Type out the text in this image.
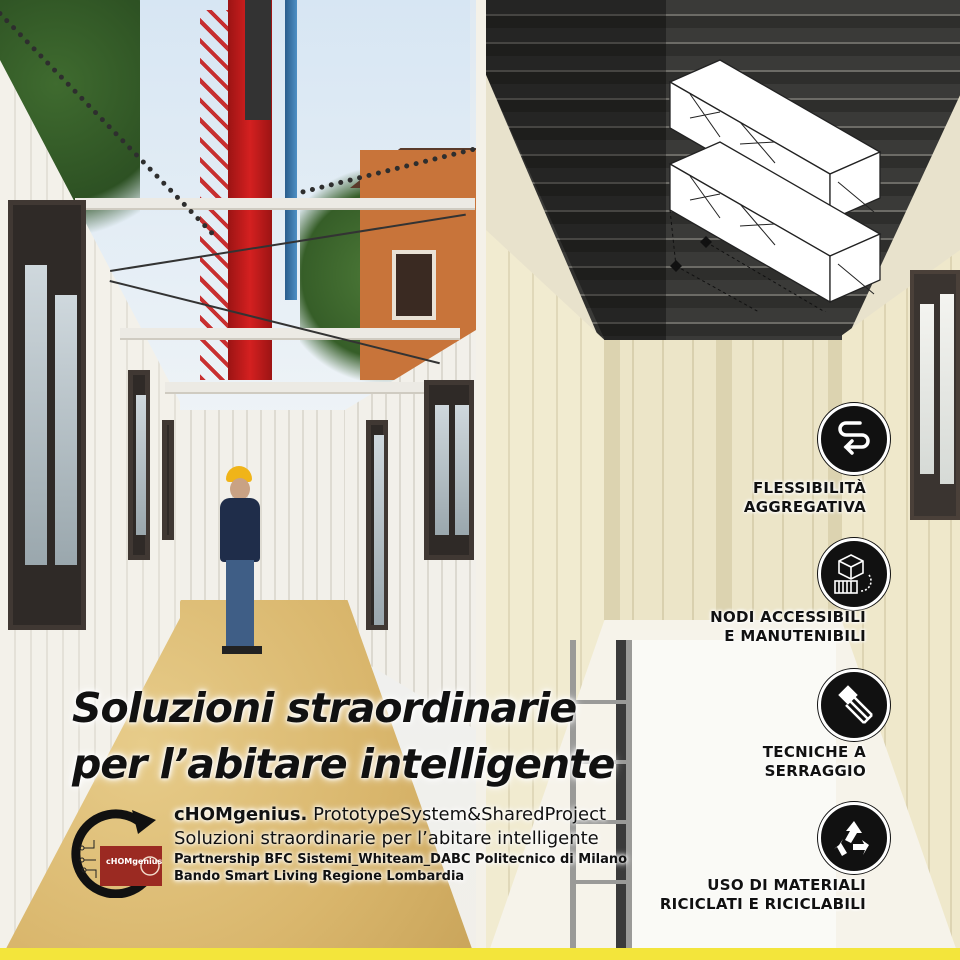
FLESSIBILITÀ
AGGREGATIVA
NODI ACCESSIBILI
E MANUTENIBILI
TECNICHE A
SERRAGGIO
USO DI MATERIALI
RICICLATI E RICICLABILI
Soluzioni straordinarie
per l’abitare intelligente
cHOMgenius
cHOMgenius. PrototypeSystem&SharedProject
Soluzioni straordinarie per l’abitare intelligente
Partnership BFC Sistemi_Whiteam_DABC Politecnico di Milano
Bando Smart Living Regione Lombardia
